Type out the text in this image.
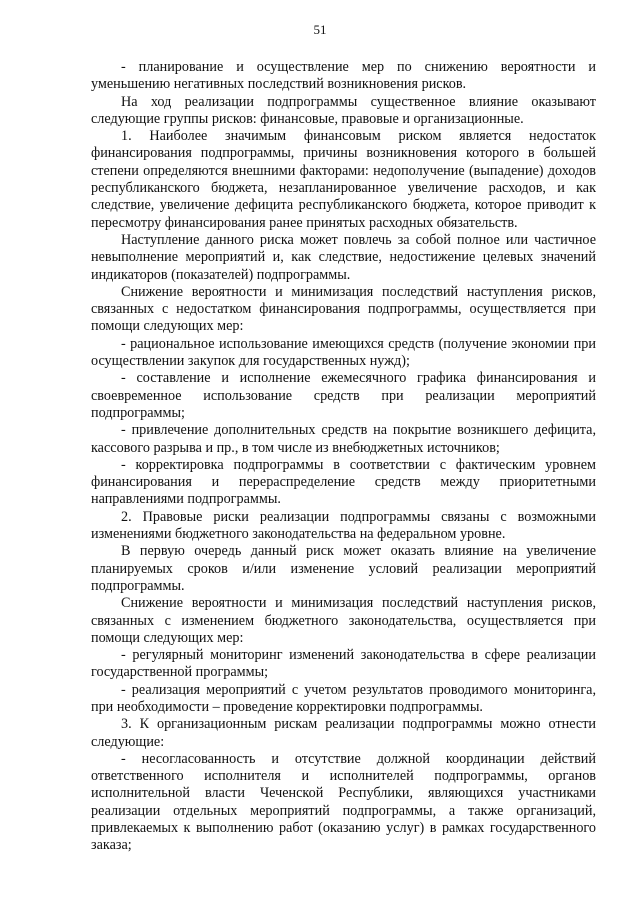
51

- планирование и осуществление мер по снижению вероятности и уменьшению негативных последствий возникновения рисков.

На ход реализации подпрограммы существенное влияние оказывают следующие группы рисков: финансовые, правовые и организационные.

1. Наиболее значимым финансовым риском является недостаток финансирования подпрограммы, причины возникновения которого в большей степени определяются внешними факторами: недополучение (выпадение) доходов республиканского бюджета, незапланированное увеличение расходов, и как следствие, увеличение дефицита республиканского бюджета, которое приводит к пересмотру финансирования ранее принятых расходных обязательств.

Наступление данного риска может повлечь за собой полное или частичное невыполнение мероприятий и, как следствие, недостижение целевых значений индикаторов (показателей) подпрограммы.

Снижение вероятности и минимизация последствий наступления рисков, связанных с недостатком финансирования подпрограммы, осуществляется при помощи следующих мер:

- рациональное использование имеющихся средств (получение экономии при осуществлении закупок для государственных нужд);

- составление и исполнение ежемесячного графика финансирования и своевременное использование средств при реализации мероприятий подпрограммы;

- привлечение дополнительных средств на покрытие возникшего дефицита, кассового разрыва и пр., в том числе из внебюджетных источников;

- корректировка подпрограммы в соответствии с фактическим уровнем финансирования и перераспределение средств между приоритетными направлениями подпрограммы.

2. Правовые риски реализации подпрограммы связаны с возможными изменениями бюджетного законодательства на федеральном уровне.

В первую очередь данный риск может оказать влияние на увеличение планируемых сроков и/или изменение условий реализации мероприятий подпрограммы.

Снижение вероятности и минимизация последствий наступления рисков, связанных с изменением бюджетного законодательства, осуществляется при помощи следующих мер:

- регулярный мониторинг изменений законодательства в сфере реализации государственной программы;

- реализация мероприятий с учетом результатов проводимого мониторинга, при необходимости – проведение корректировки подпрограммы.

3. К организационным рискам реализации подпрограммы можно отнести следующие:

- несогласованность и отсутствие должной координации действий ответственного исполнителя и исполнителей подпрограммы, органов исполнительной власти Чеченской Республики, являющихся участниками реализации отдельных мероприятий подпрограммы, а также организаций, привлекаемых к выполнению работ (оказанию услуг) в рамках государственного заказа;
